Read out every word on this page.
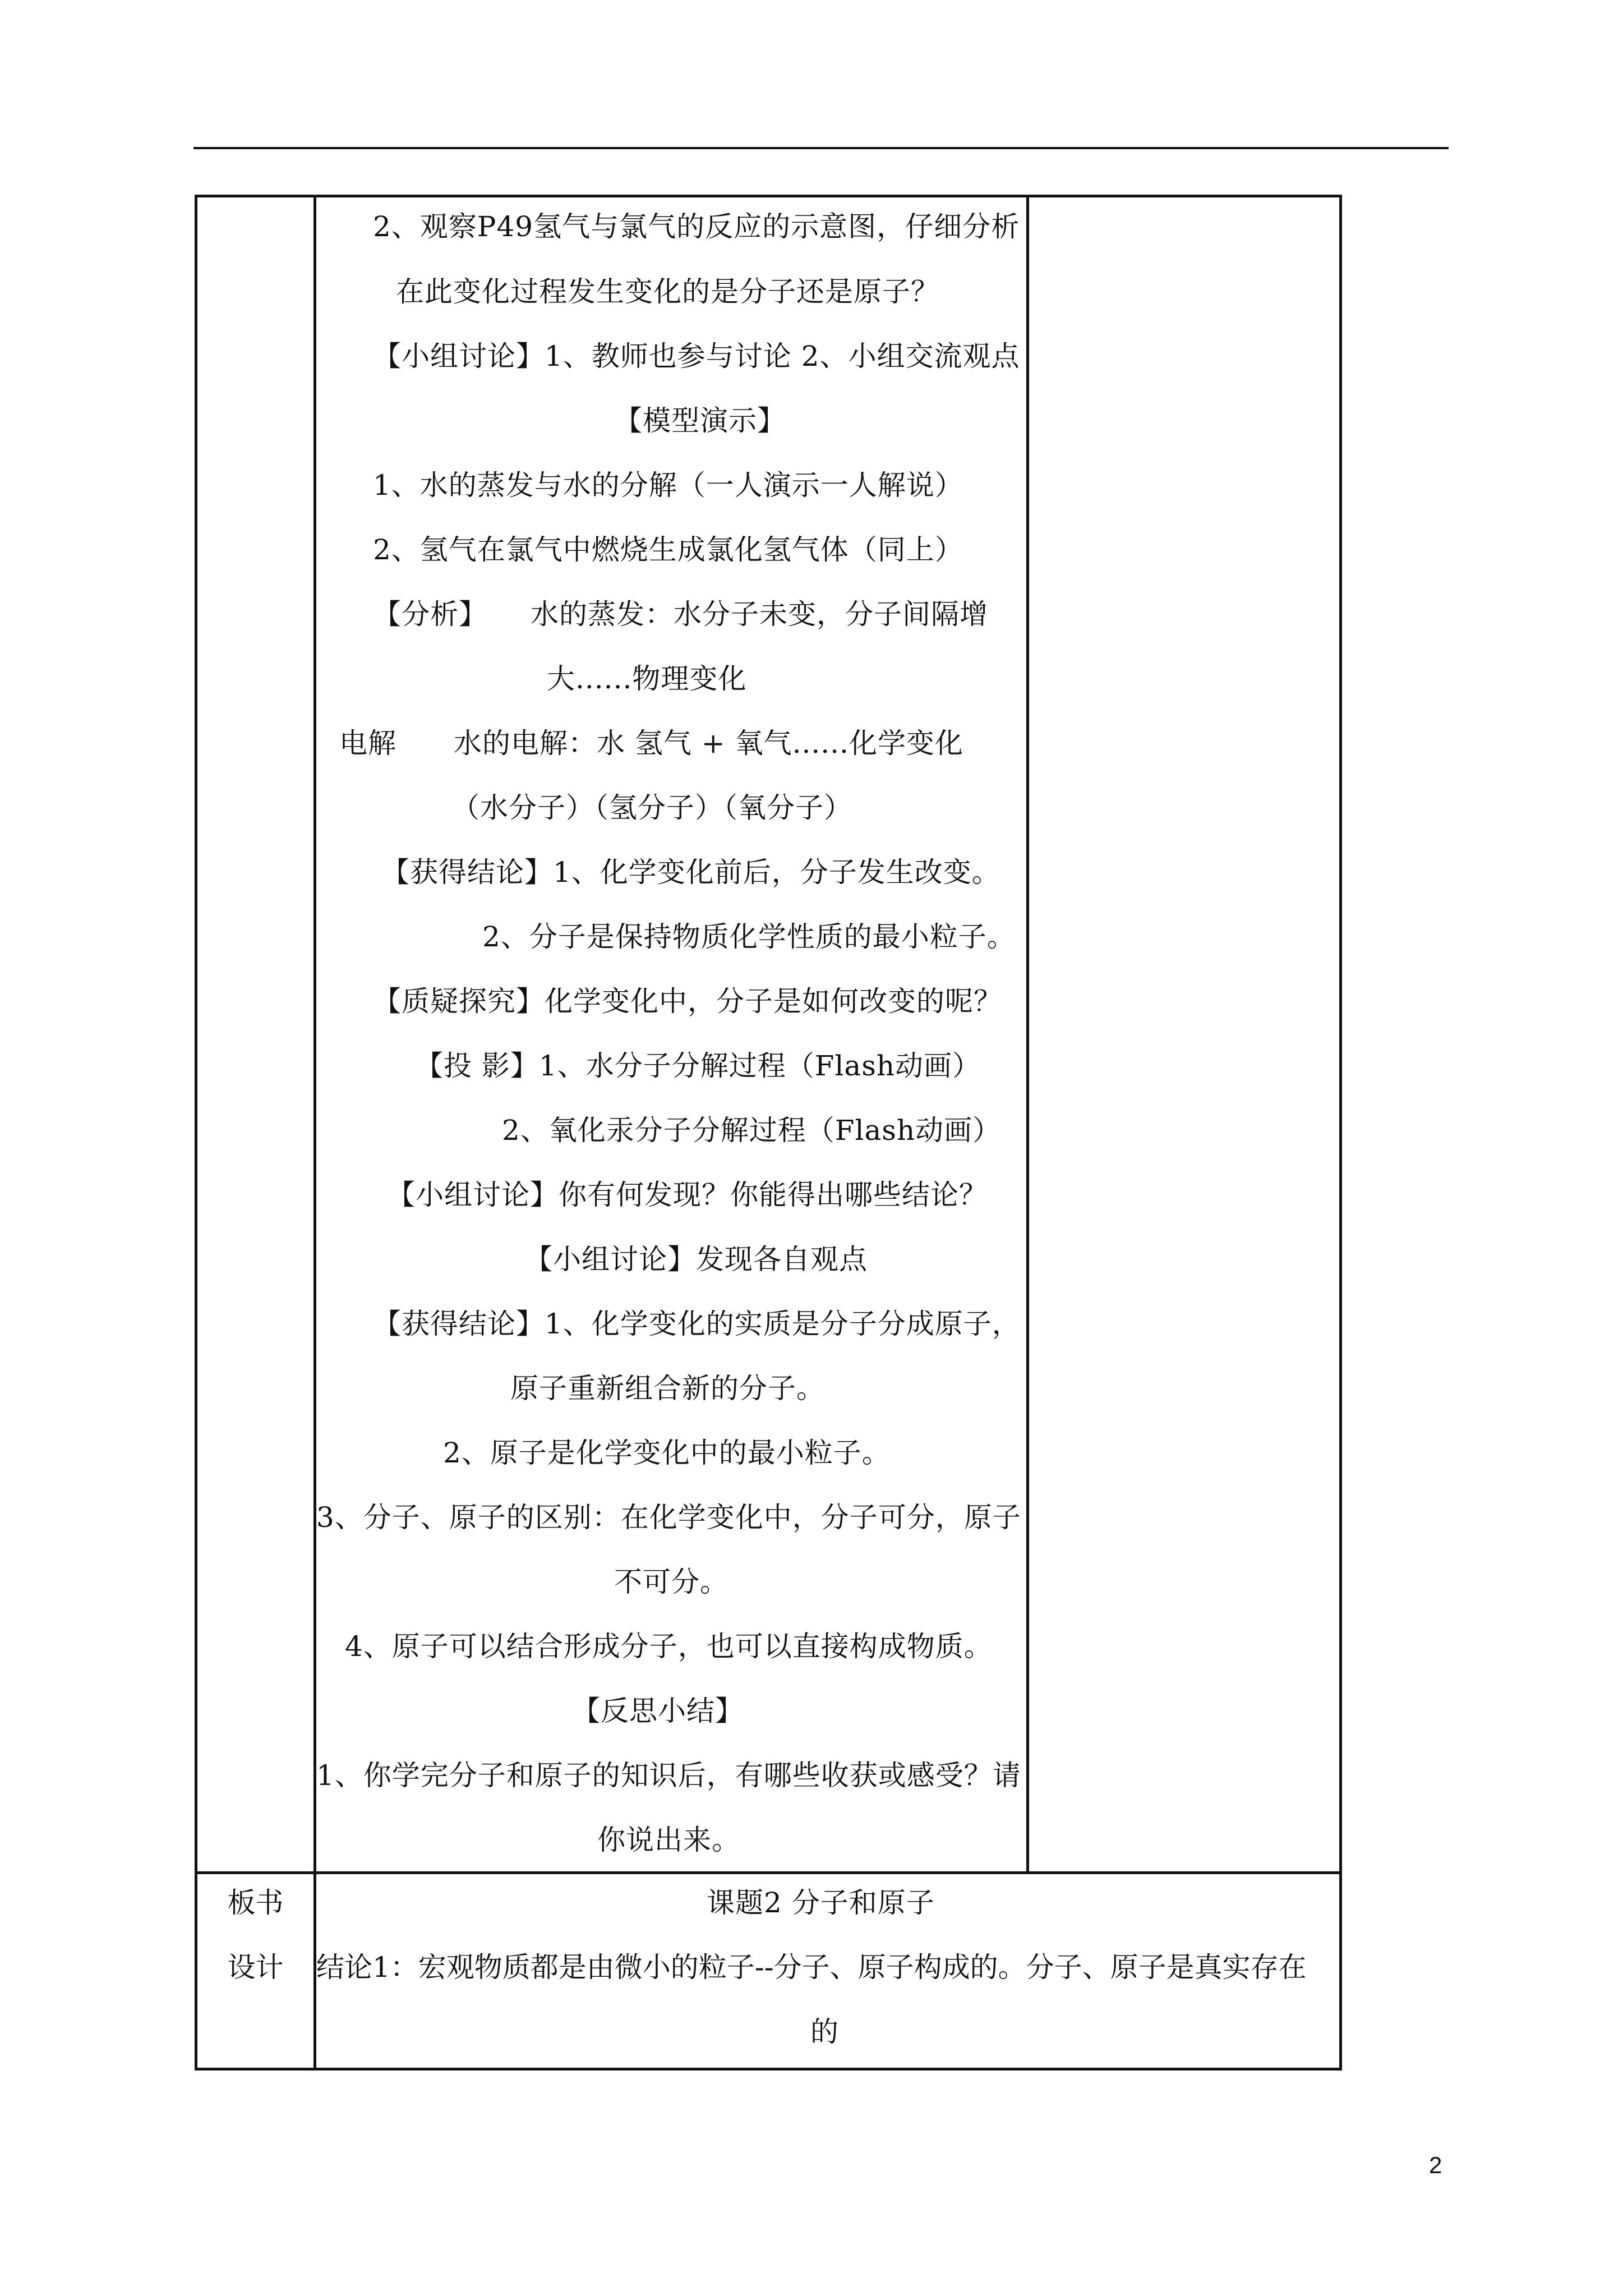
2、观察P49氢气与氯气的反应的示意图，仔细分析
在此变化过程发生变化的是分子还是原子？
【小组讨论】1、教师也参与讨论 2、小组交流观点
【模型演示】
1、水的蒸发与水的分解（一人演示一人解说）
2、氢气在氯气中燃烧生成氯化氢气体（同上）
【分析】　　水的蒸发：水分子未变，分子间隔增
大......物理变化
电解　　水的电解：水 氢气 + 氧气......化学变化
（水分子）（氢分子）（氧分子）
【获得结论】1、化学变化前后，分子发生改变。
2、分子是保持物质化学性质的最小粒子。
【质疑探究】化学变化中，分子是如何改变的呢？
【投 影】1、水分子分解过程（Flash动画）
2、氧化汞分子分解过程（Flash动画）
【小组讨论】你有何发现？你能得出哪些结论？
【小组讨论】发现各自观点
【获得结论】1、化学变化的实质是分子分成原子，
原子重新组合新的分子。
2、原子是化学变化中的最小粒子。
3、分子、原子的区别：在化学变化中，分子可分，原子
不可分。
4、原子可以结合形成分子，也可以直接构成物质。
【反思小结】
1、你学完分子和原子的知识后，有哪些收获或感受？请
你说出来。
板书
设计
课题2 分子和原子
结论1：宏观物质都是由微小的粒子--分子、原子构成的。分子、原子是真实存在
的
2
